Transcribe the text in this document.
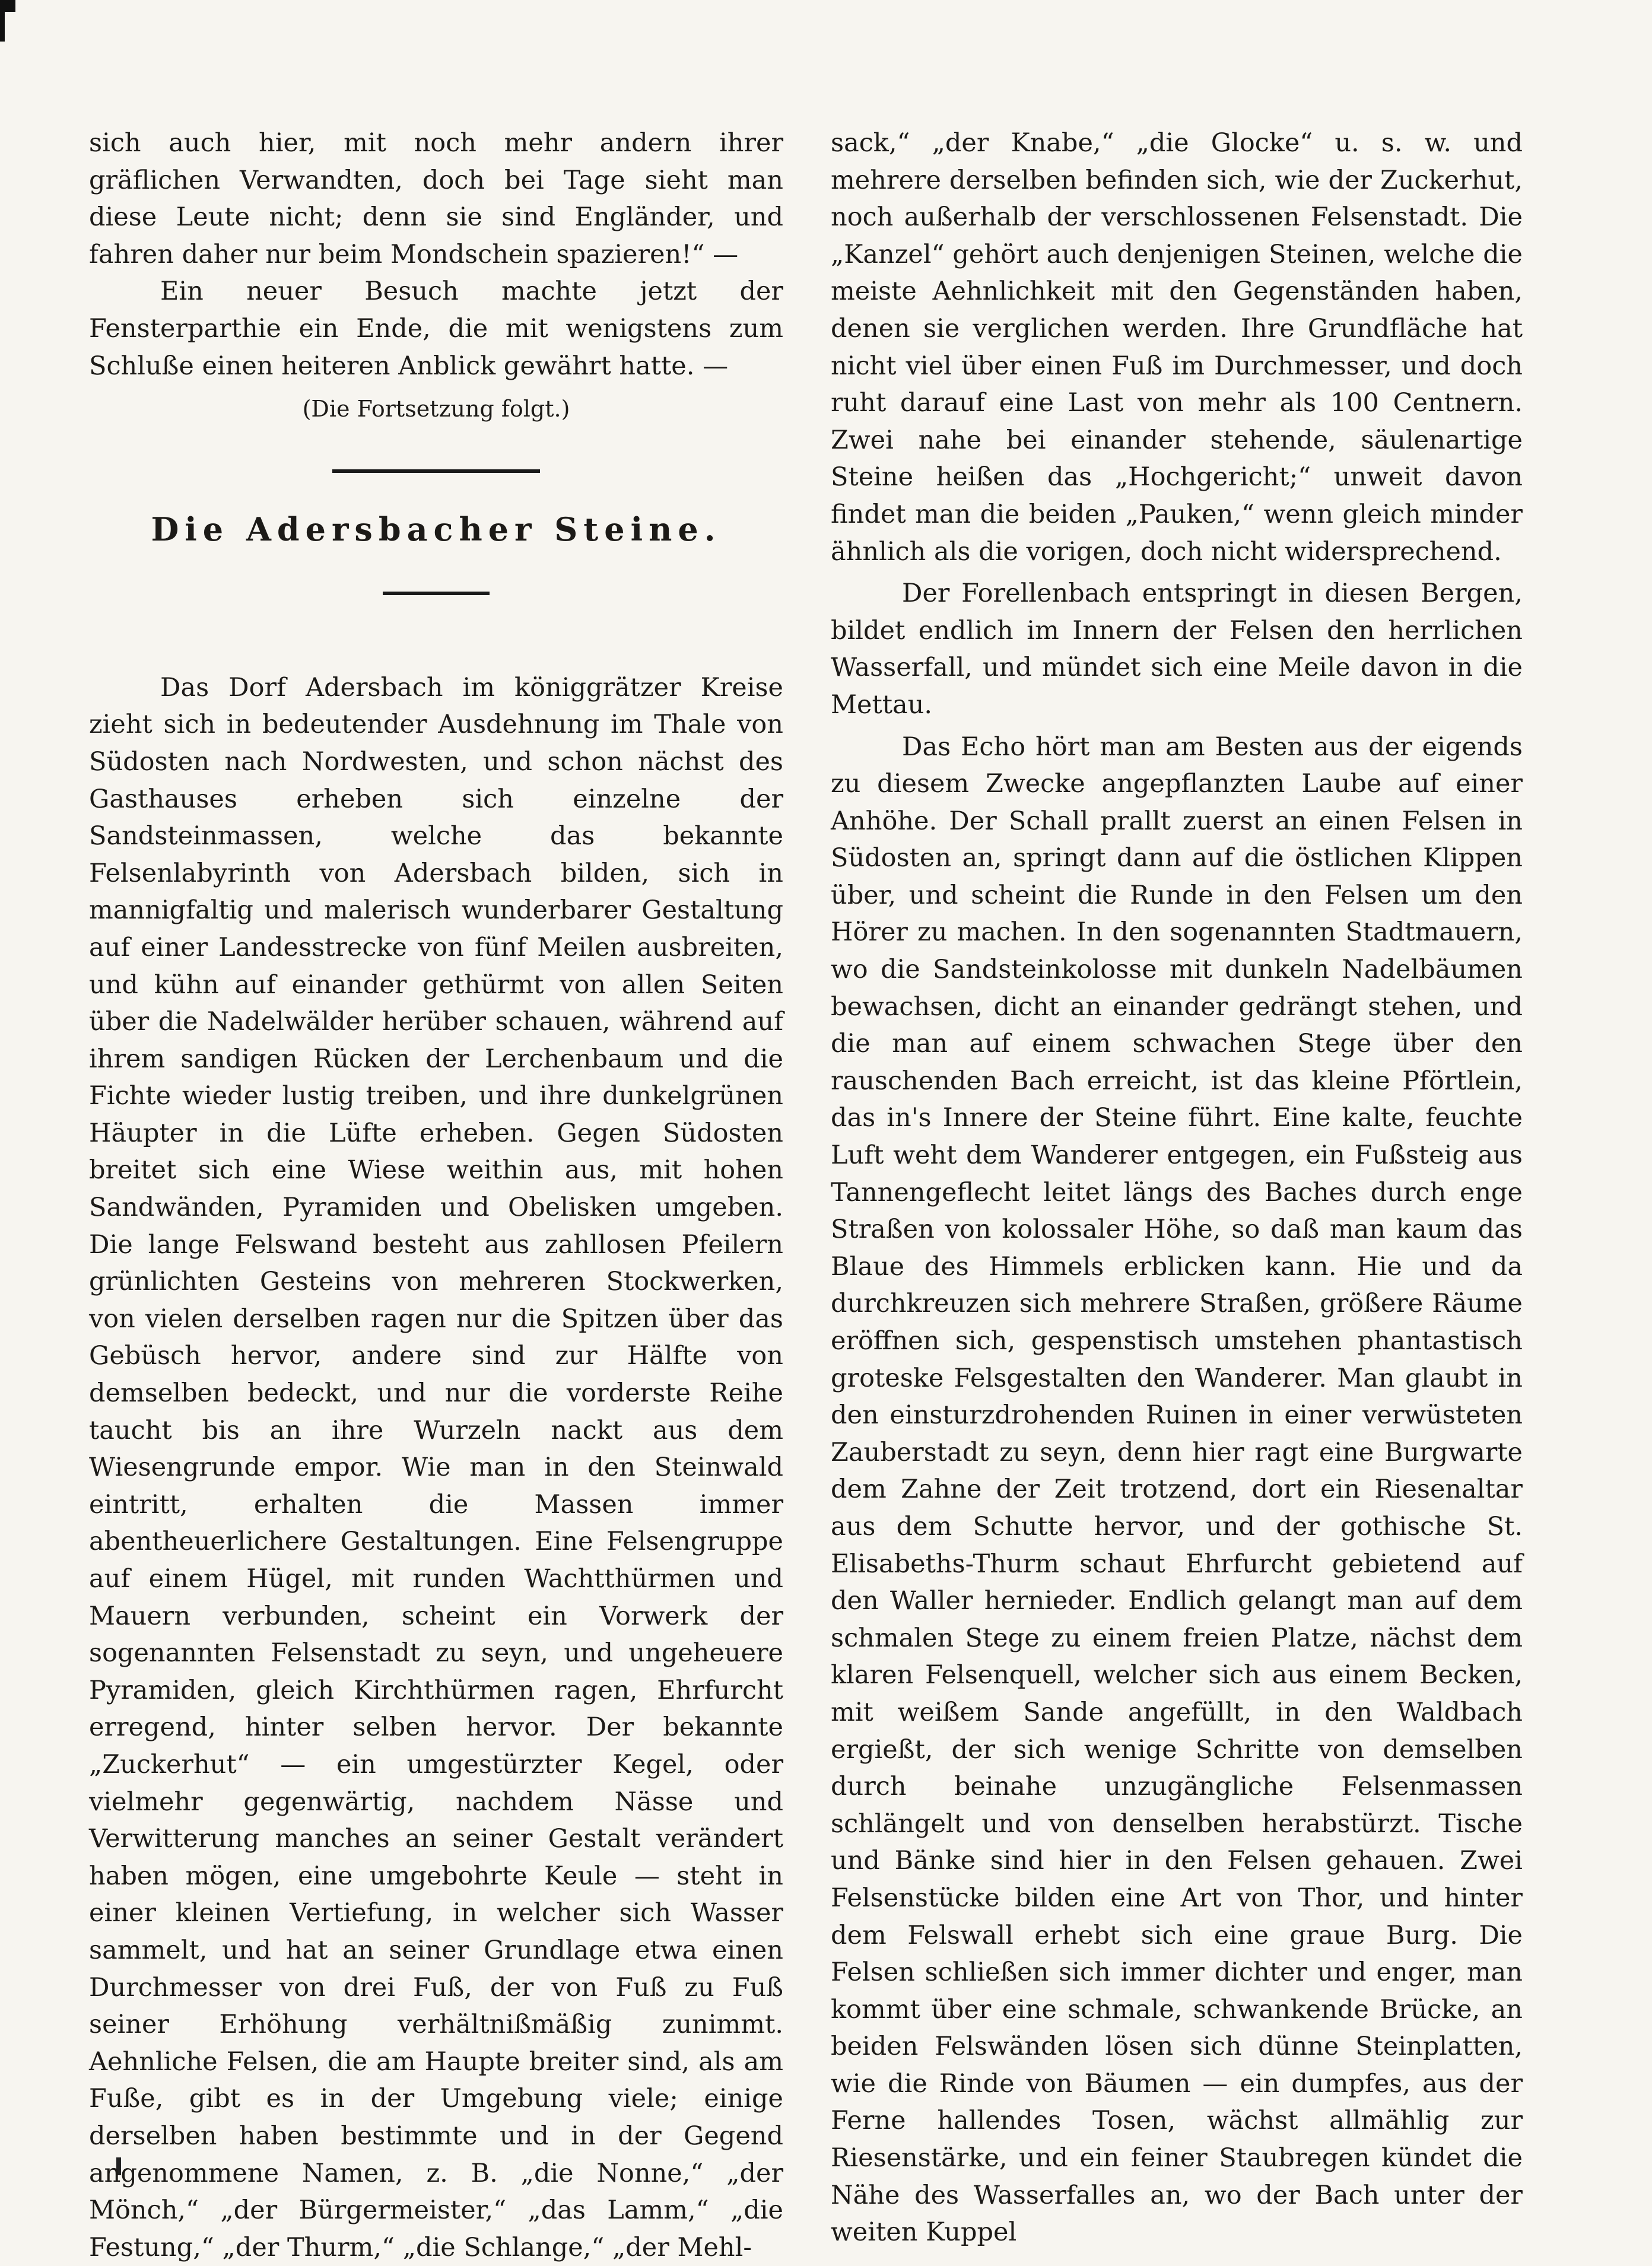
sich auch hier, mit noch mehr andern ihrer gräflichen Verwandten, doch bei Tage sieht man diese Leute nicht; denn sie sind Engländer, und fahren daher nur beim Mondschein spazieren!“ —

Ein neuer Besuch machte jetzt der Fensterparthie ein Ende, die mit wenigstens zum Schluße einen heiteren Anblick gewährt hatte. —

(Die Fortsetzung folgt.)

Die Adersbacher Steine.

Das Dorf Adersbach im königgrätzer Kreise zieht sich in bedeutender Ausdehnung im Thale von Südosten nach Nordwesten, und schon nächst des Gasthauses erheben sich einzelne der Sandsteinmassen, welche das bekannte Felsenlabyrinth von Adersbach bilden, sich in mannigfaltig und malerisch wunderbarer Gestaltung auf einer Landesstrecke von fünf Meilen ausbreiten, und kühn auf einander gethürmt von allen Seiten über die Nadelwälder herüber schauen, während auf ihrem sandigen Rücken der Lerchenbaum und die Fichte wieder lustig treiben, und ihre dunkelgrünen Häupter in die Lüfte erheben. Gegen Südosten breitet sich eine Wiese weithin aus, mit hohen Sandwänden, Pyramiden und Obelisken umgeben. Die lange Felswand besteht aus zahllosen Pfeilern grünlichten Gesteins von mehreren Stockwerken, von vielen derselben ragen nur die Spitzen über das Gebüsch hervor, andere sind zur Hälfte von demselben bedeckt, und nur die vorderste Reihe taucht bis an ihre Wurzeln nackt aus dem Wiesengrunde empor. Wie man in den Steinwald eintritt, erhalten die Massen immer abentheuerlichere Gestaltungen. Eine Felsengruppe auf einem Hügel, mit runden Wachtthürmen und Mauern verbunden, scheint ein Vorwerk der sogenannten Felsenstadt zu seyn, und ungeheuere Pyramiden, gleich Kirchthürmen ragen, Ehrfurcht erregend, hinter selben hervor. Der bekannte „Zuckerhut“ — ein umgestürzter Kegel, oder vielmehr gegenwärtig, nachdem Nässe und Verwitterung manches an seiner Gestalt verändert haben mögen, eine umgebohrte Keule — steht in einer kleinen Vertiefung, in welcher sich Wasser sammelt, und hat an seiner Grundlage etwa einen Durchmesser von drei Fuß, der von Fuß zu Fuß seiner Erhöhung verhältnißmäßig zunimmt. Aehnliche Felsen, die am Haupte breiter sind, als am Fuße, gibt es in der Umgebung viele; einige derselben haben bestimmte und in der Gegend angenommene Namen, z. B. „die Nonne,“ „der Mönch,“ „der Bürgermeister,“ „das Lamm,“ „die Festung,“ „der Thurm,“ „die Schlange,“ „der Mehl-

sack,“ „der Knabe,“ „die Glocke“ u. s. w. und mehrere derselben befinden sich, wie der Zuckerhut, noch außerhalb der verschlossenen Felsenstadt. Die „Kanzel“ gehört auch denjenigen Steinen, welche die meiste Aehnlichkeit mit den Gegenständen haben, denen sie verglichen werden. Ihre Grundfläche hat nicht viel über einen Fuß im Durchmesser, und doch ruht darauf eine Last von mehr als 100 Centnern. Zwei nahe bei einander stehende, säulenartige Steine heißen das „Hochgericht;“ unweit davon findet man die beiden „Pauken,“ wenn gleich minder ähnlich als die vorigen, doch nicht widersprechend.

Der Forellenbach entspringt in diesen Bergen, bildet endlich im Innern der Felsen den herrlichen Wasserfall, und mündet sich eine Meile davon in die Mettau.

Das Echo hört man am Besten aus der eigends zu diesem Zwecke angepflanzten Laube auf einer Anhöhe. Der Schall prallt zuerst an einen Felsen in Südosten an, springt dann auf die östlichen Klippen über, und scheint die Runde in den Felsen um den Hörer zu machen. In den sogenannten Stadtmauern, wo die Sandsteinkolosse mit dunkeln Nadelbäumen bewachsen, dicht an einander gedrängt stehen, und die man auf einem schwachen Stege über den rauschenden Bach erreicht, ist das kleine Pförtlein, das in's Innere der Steine führt. Eine kalte, feuchte Luft weht dem Wanderer entgegen, ein Fußsteig aus Tannengeflecht leitet längs des Baches durch enge Straßen von kolossaler Höhe, so daß man kaum das Blaue des Himmels erblicken kann. Hie und da durchkreuzen sich mehrere Straßen, größere Räume eröffnen sich, gespenstisch umstehen phantastisch groteske Felsgestalten den Wanderer. Man glaubt in den einsturzdrohenden Ruinen in einer verwüsteten Zauberstadt zu seyn, denn hier ragt eine Burgwarte dem Zahne der Zeit trotzend, dort ein Riesenaltar aus dem Schutte hervor, und der gothische St. Elisabeths-Thurm schaut Ehrfurcht gebietend auf den Waller hernieder. Endlich gelangt man auf dem schmalen Stege zu einem freien Platze, nächst dem klaren Felsenquell, welcher sich aus einem Becken, mit weißem Sande angefüllt, in den Waldbach ergießt, der sich wenige Schritte von demselben durch beinahe unzugängliche Felsenmassen schlängelt und von denselben herabstürzt. Tische und Bänke sind hier in den Felsen gehauen. Zwei Felsenstücke bilden eine Art von Thor, und hinter dem Felswall erhebt sich eine graue Burg. Die Felsen schließen sich immer dichter und enger, man kommt über eine schmale, schwankende Brücke, an beiden Felswänden lösen sich dünne Steinplatten, wie die Rinde von Bäumen — ein dumpfes, aus der Ferne hallendes Tosen, wächst allmählig zur Riesenstärke, und ein feiner Staubregen kündet die Nähe des Wasserfalles an, wo der Bach unter der weiten Kuppel
